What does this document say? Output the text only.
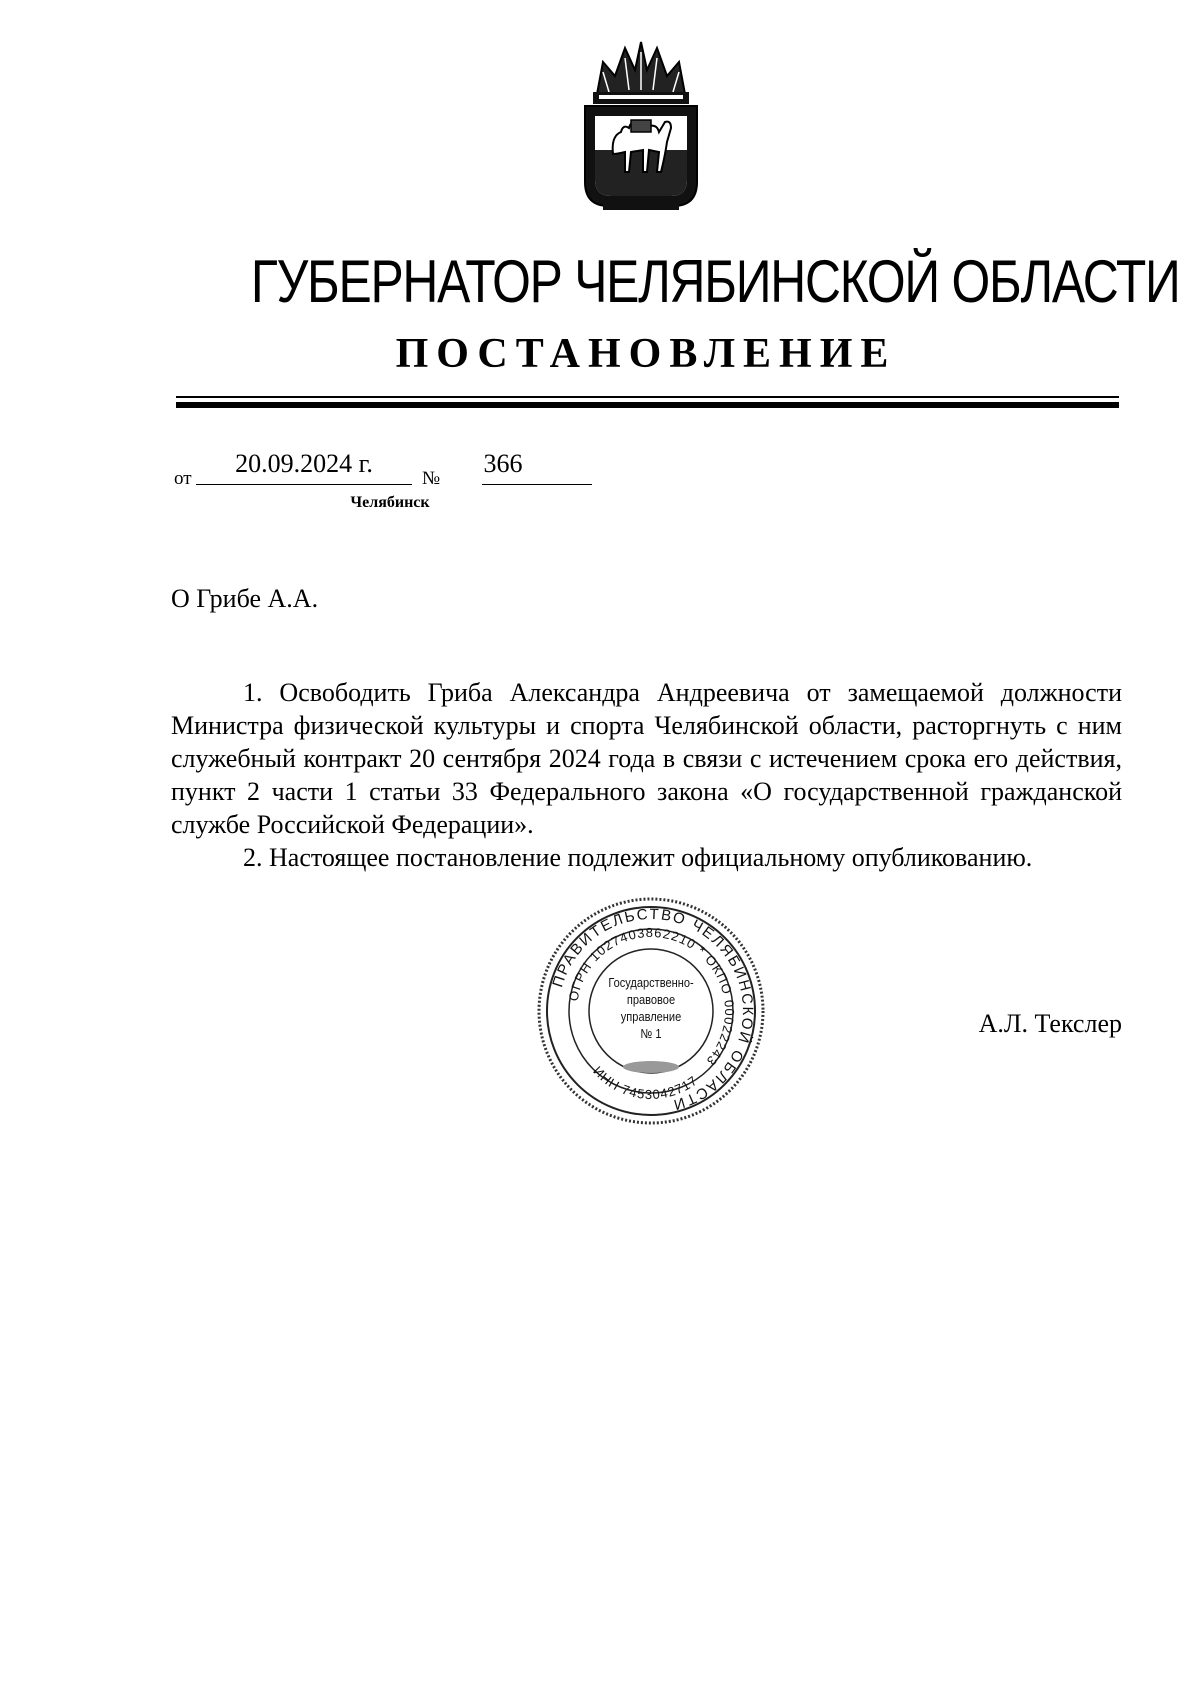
ГУБЕРНАТОР ЧЕЛЯБИНСКОЙ ОБЛАСТИ
ПОСТАНОВЛЕНИЕ
от
20.09.2024 г.
№
366
Челябинск
О Грибе А.А.

1. Освободить Гриба Александра Андреевича от замещаемой должности Министра физической культуры и спорта Челябинской области, расторгнуть с ним служебный контракт 20 сентября 2024 года в связи с истечением срока его действия, пункт 2 части 1 статьи 33 Федерального закона «О государственной гражданской службе Российской Федерации».

2. Настоящее постановление подлежит официальному опубликованию.

ПРАВИТЕЛЬСТВО ЧЕЛЯБИНСКОЙ ОБЛАСТИ
ОГРН 1027403862210 * ОКПО 00022243
ИНН 7453042717
Государственно-
правовое
управление
№ 1	А.Л. Текслер
